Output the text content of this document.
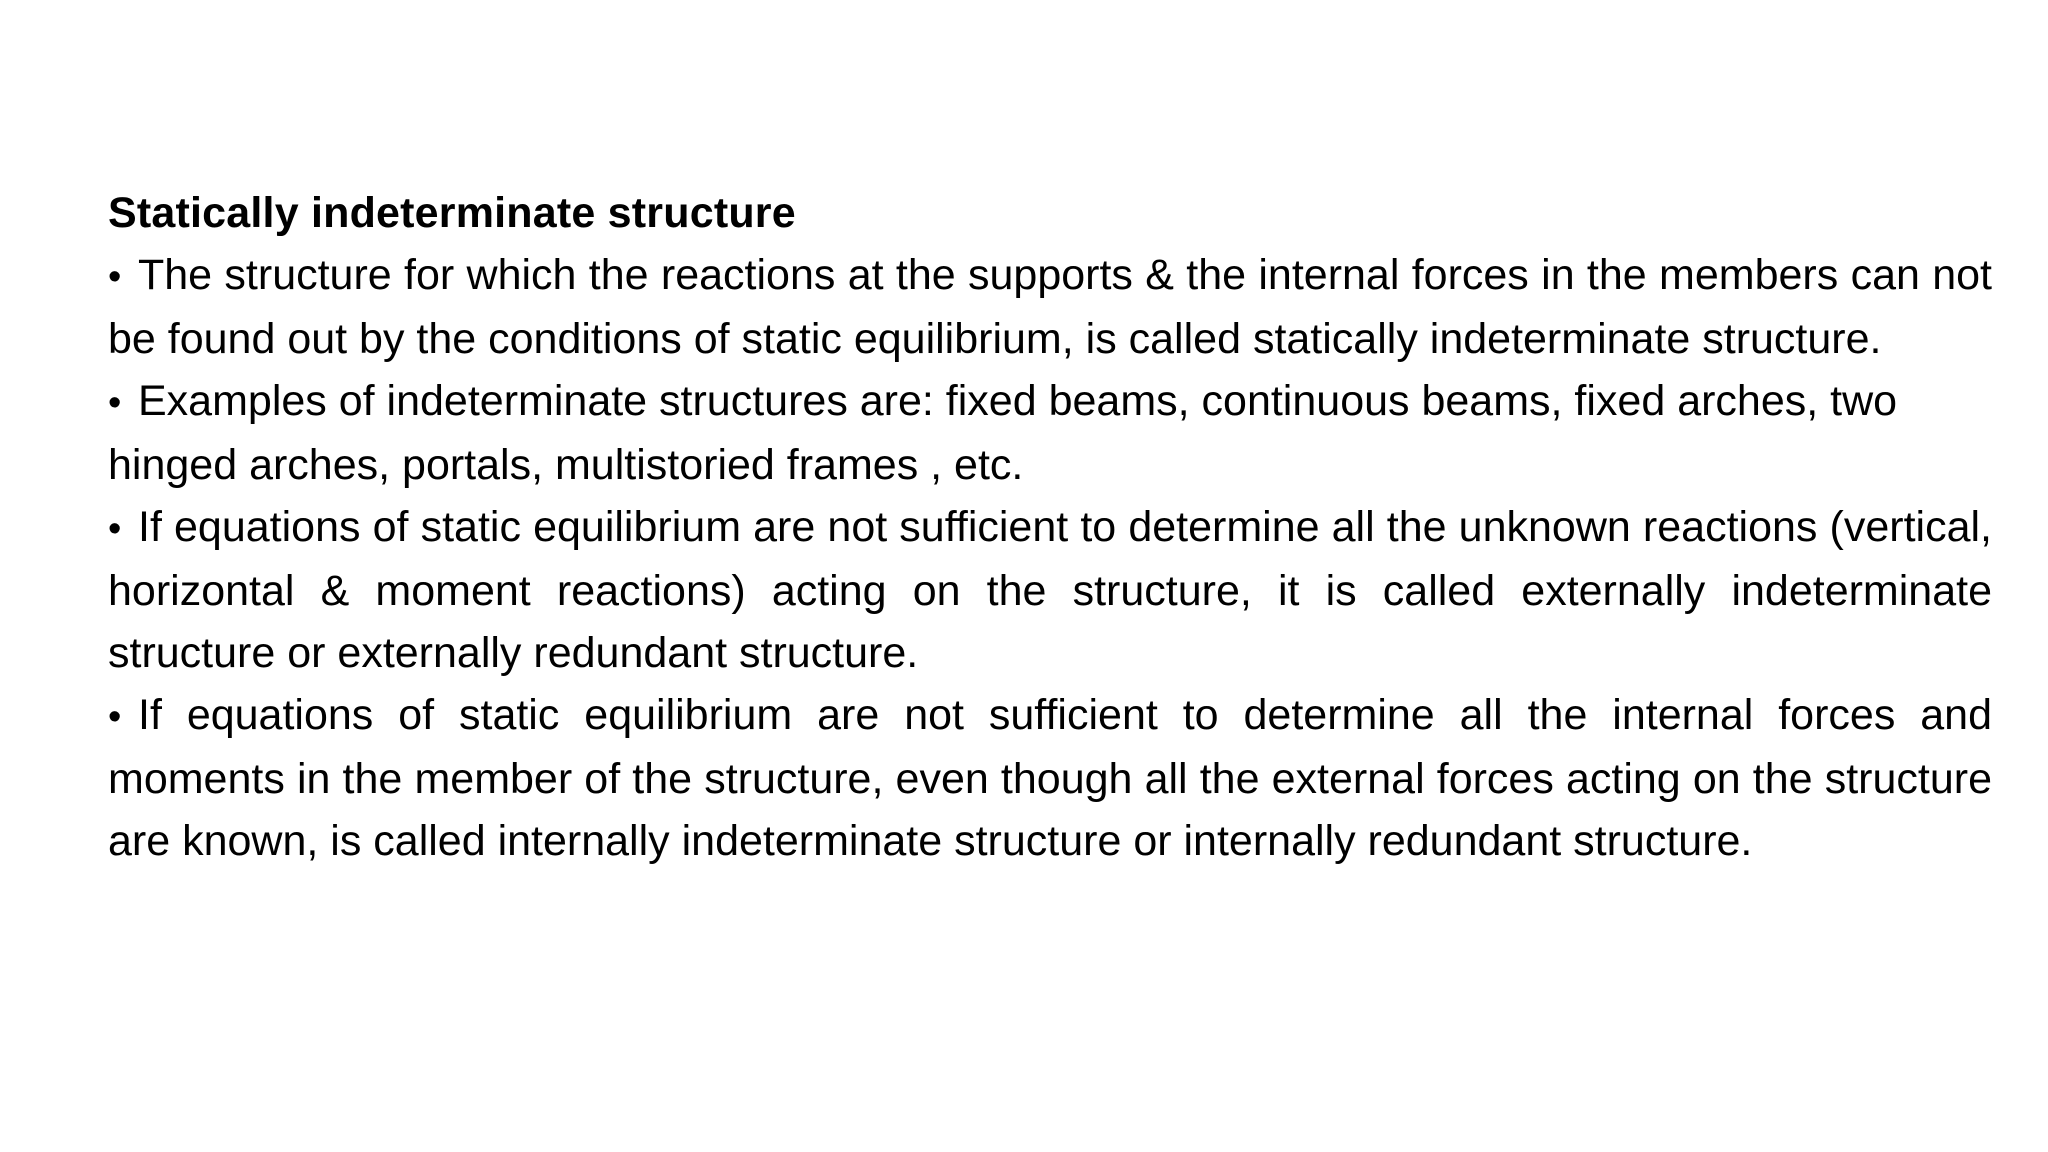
Statically indeterminate structure

• The structure for which the reactions at the supports & the internal forces in the members can not be found out by the conditions of static equilibrium, is called statically indeterminate structure.
• Examples of indeterminate structures are: fixed beams, continuous beams, fixed arches, two hinged arches, portals, multistoried frames , etc.
• If equations of static equilibrium are not sufficient to determine all the unknown reactions (vertical, horizontal & moment reactions) acting on the structure, it is called externally indeterminate structure or externally redundant structure.
• If equations of static equilibrium are not sufficient to determine all the internal forces and moments in the member of the structure, even though all the external forces acting on the structure are known, is called internally indeterminate structure or internally redundant structure.
